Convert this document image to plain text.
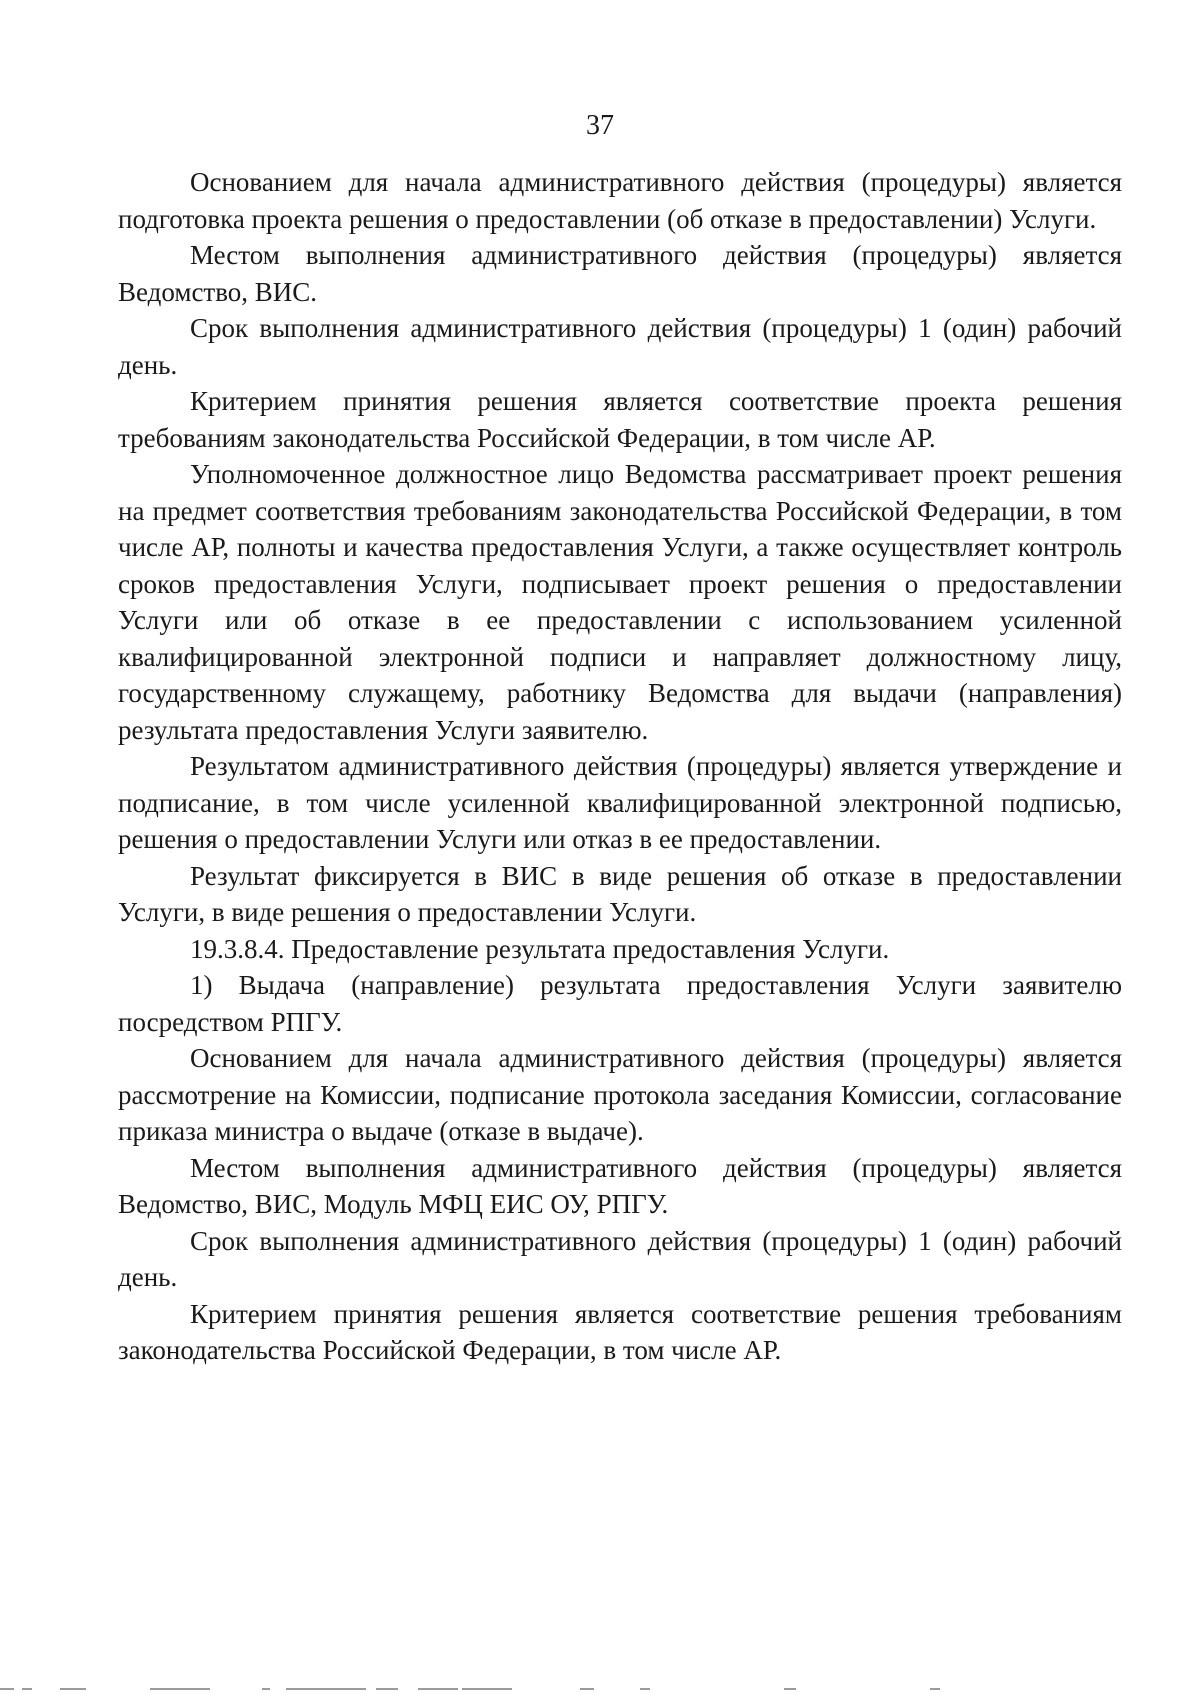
37

Основанием для начала административного действия (процедуры) является подготовка проекта решения о предоставлении (об отказе в предоставлении) Услуги.

Местом выполнения административного действия (процедуры) является Ведомство, ВИС.

Срок выполнения административного действия (процедуры) 1 (один) рабочий день.

Критерием принятия решения является соответствие проекта решения требованиям законодательства Российской Федерации, в том числе АР.

Уполномоченное должностное лицо Ведомства рассматривает проект решения на предмет соответствия требованиям законодательства Российской Федерации, в том числе АР, полноты и качества предоставления Услуги, а также осуществляет контроль сроков предоставления Услуги, подписывает проект решения о предоставлении Услуги или об отказе в ее предоставлении с использованием усиленной квалифицированной электронной подписи и направляет должностному лицу, государственному служащему, работнику Ведомства для выдачи (направления) результата предоставления Услуги заявителю.

Результатом административного действия (процедуры) является утверждение и подписание, в том числе усиленной квалифицированной электронной подписью, решения о предоставлении Услуги или отказ в ее предоставлении.

Результат фиксируется в ВИС в виде решения об отказе в предоставлении Услуги, в виде решения о предоставлении Услуги.

19.3.8.4. Предоставление результата предоставления Услуги.

1) Выдача (направление) результата предоставления Услуги заявителю посредством РПГУ.

Основанием для начала административного действия (процедуры) является рассмотрение на Комиссии, подписание протокола заседания Комиссии, согласование приказа министра о выдаче (отказе в выдаче).

Местом выполнения административного действия (процедуры) является Ведомство, ВИС, Модуль МФЦ ЕИС ОУ, РПГУ.

Срок выполнения административного действия (процедуры) 1 (один) рабочий день.

Критерием принятия решения является соответствие решения требованиям законодательства Российской Федерации, в том числе АР.
